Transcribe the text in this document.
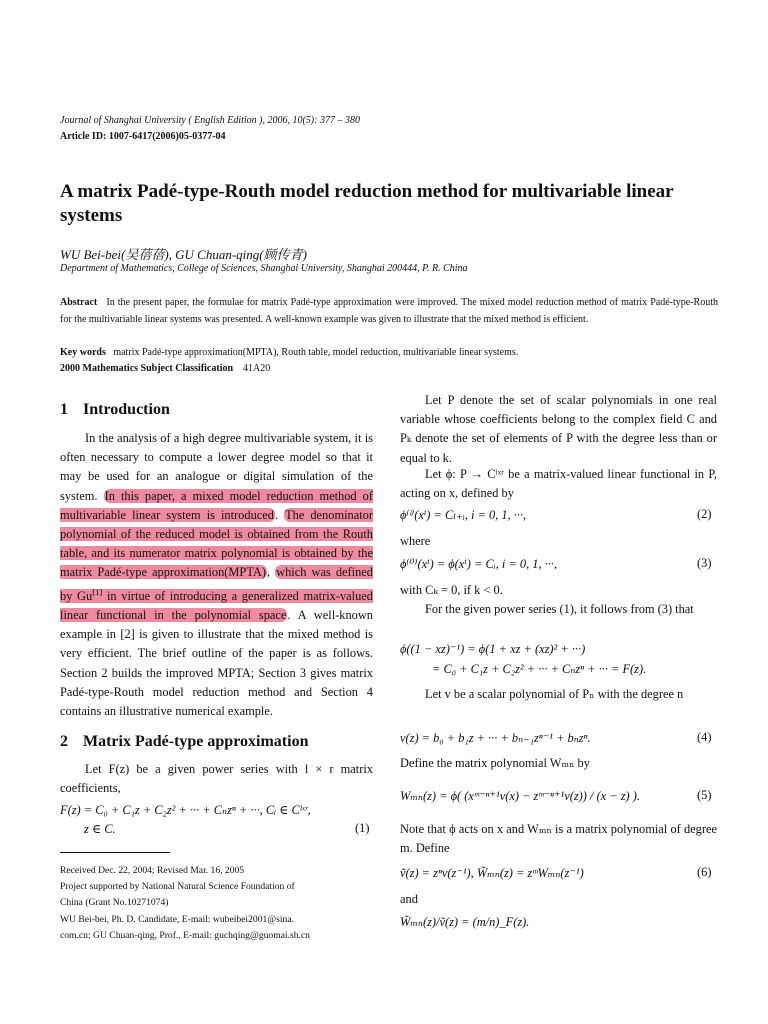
Journal of Shanghai University ( English Edition ), 2006, 10(5): 377 – 380
Article ID: 1007-6417(2006)05-0377-04
A matrix Padé-type-Routh model reduction method for multivariable linear systems
WU Bei-bei(吴蓓蓓), GU Chuan-qing(顾传青)
Department of Mathematics, College of Sciences, Shanghai University, Shanghai 200444, P. R. China
Abstract In the present paper, the formulae for matrix Padé-type approximation were improved. The mixed model reduction method of matrix Padé-type-Routh for the multivariable linear systems was presented. A well-known example was given to illustrate that the mixed method is efficient.
Key words matrix Padé-type approximation(MPTA), Routh table, model reduction, multivariable linear systems.
2000 Mathematics Subject Classification 41A20
1 Introduction
In the analysis of a high degree multivariable system, it is often necessary to compute a lower degree model so that it may be used for an analogue or digital simulation of the system. In this paper, a mixed model reduction method of multivariable linear system is introduced. The denominator polynomial of the reduced model is obtained from the Routh table, and its numerator matrix polynomial is obtained by the matrix Padé-type approximation(MPTA), which was defined by Gu[1] in virtue of introducing a generalized matrix-valued linear functional in the polynomial space. A well-known example in [2] is given to illustrate that the mixed method is very efficient. The brief outline of the paper is as follows. Section 2 builds the improved MPTA; Section 3 gives matrix Padé-type-Routh model reduction method and Section 4 contains an illustrative numerical example.
2 Matrix Padé-type approximation
Let F(z) be a given power series with l × r matrix coefficients,
F(z) = C₀ + C₁z + C₂z² + ··· + Cₙzⁿ + ···, Cᵢ ∈ Cˡˣʳ,
z ∈ C.	(1)
Received Dec. 22, 2004; Revised Mar. 16, 2005
Project supported by National Natural Science Foundation of
China (Grant No.10271074)
WU Bei-bei, Ph. D. Candidate, E-mail: wubeibei2001@sina.
com.cn; GU Chuan-qing, Prof., E-mail: guchqing@guomai.sh.cn
Let P denote the set of scalar polynomials in one real variable whose coefficients belong to the complex field C and Pₖ denote the set of elements of P with the degree less than or equal to k.
Let ϕ: P → Cˡˣʳ be a matrix-valued linear functional in P, acting on x, defined by
ϕ⁽ˡ⁾(xⁱ) = Cₗ₊ᵢ, i = 0, 1, ···,	(2)
where
ϕ⁽⁰⁾(xⁱ) = ϕ(xⁱ) = Cᵢ, i = 0, 1, ···,	(3)
with Cₖ = 0, if k < 0.
For the given power series (1), it follows from (3) that
ϕ((1 − xz)⁻¹) = ϕ(1 + xz + (xz)² + ···)
= C₀ + C₁z + C₂z² + ··· + Cₙzⁿ + ··· = F(z).
Let v be a scalar polynomial of Pₙ with the degree n
v(z) = b₀ + b₁z + ··· + bₙ₋₁zⁿ⁻¹ + bₙzⁿ.	(4)
Define the matrix polynomial Wₘₙ by
Wₘₙ(z) = ϕ( (xᵐ⁻ⁿ⁺¹v(x) − zᵐ⁻ⁿ⁺¹v(z)) / (x − z) ).	(5)
Note that ϕ acts on x and Wₘₙ is a matrix polynomial of degree m. Define
ṽ(z) = zⁿv(z⁻¹), W̃ₘₙ(z) = zᵐWₘₙ(z⁻¹)	(6)
and
W̃ₘₙ(z)/ṽ(z) = (m/n)_F(z).
